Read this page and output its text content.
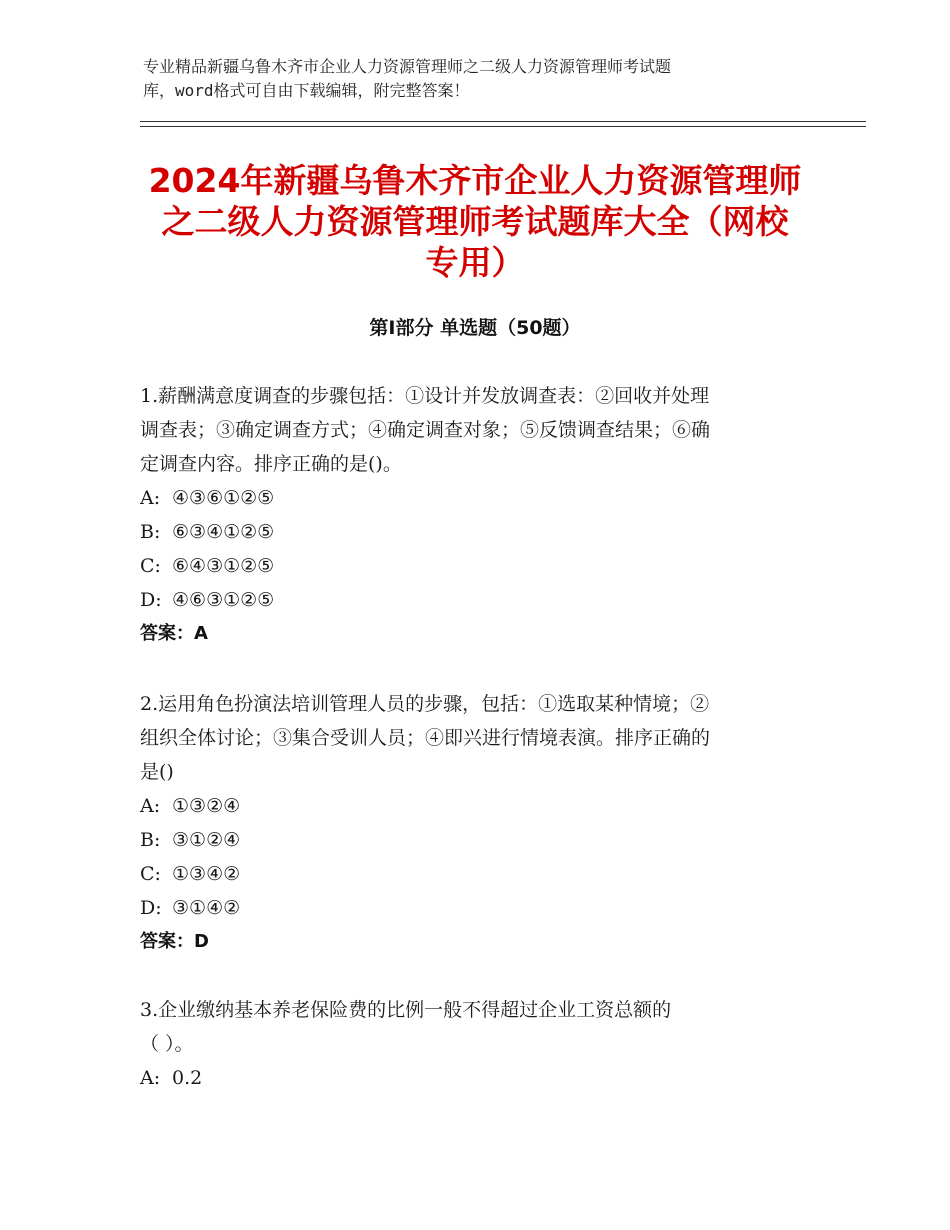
专业精品新疆乌鲁木齐市企业人力资源管理师之二级人力资源管理师考试题
库，word格式可自由下载编辑，附完整答案！
2024年新疆乌鲁木齐市企业人力资源管理师
之二级人力资源管理师考试题库大全（网校
专用）
第Ⅰ部分 单选题（50题）
1.薪酬满意度调查的步骤包括：①设计并发放调查表：②回收并处理
调查表；③确定调查方式；④确定调查对象；⑤反馈调查结果；⑥确
定调查内容。排序正确的是()。
A: ④③⑥①②⑤
B: ⑥③④①②⑤
C: ⑥④③①②⑤
D: ④⑥③①②⑤
答案：A
2.运用角色扮演法培训管理人员的步骤，包括：①选取某种情境；②
组织全体讨论；③集合受训人员；④即兴进行情境表演。排序正确的
是()
A: ①③②④
B: ③①②④
C: ①③④②
D: ③①④②
答案：D
3.企业缴纳基本养老保险费的比例一般不得超过企业工资总额的
（ ）。
A: 0.2
